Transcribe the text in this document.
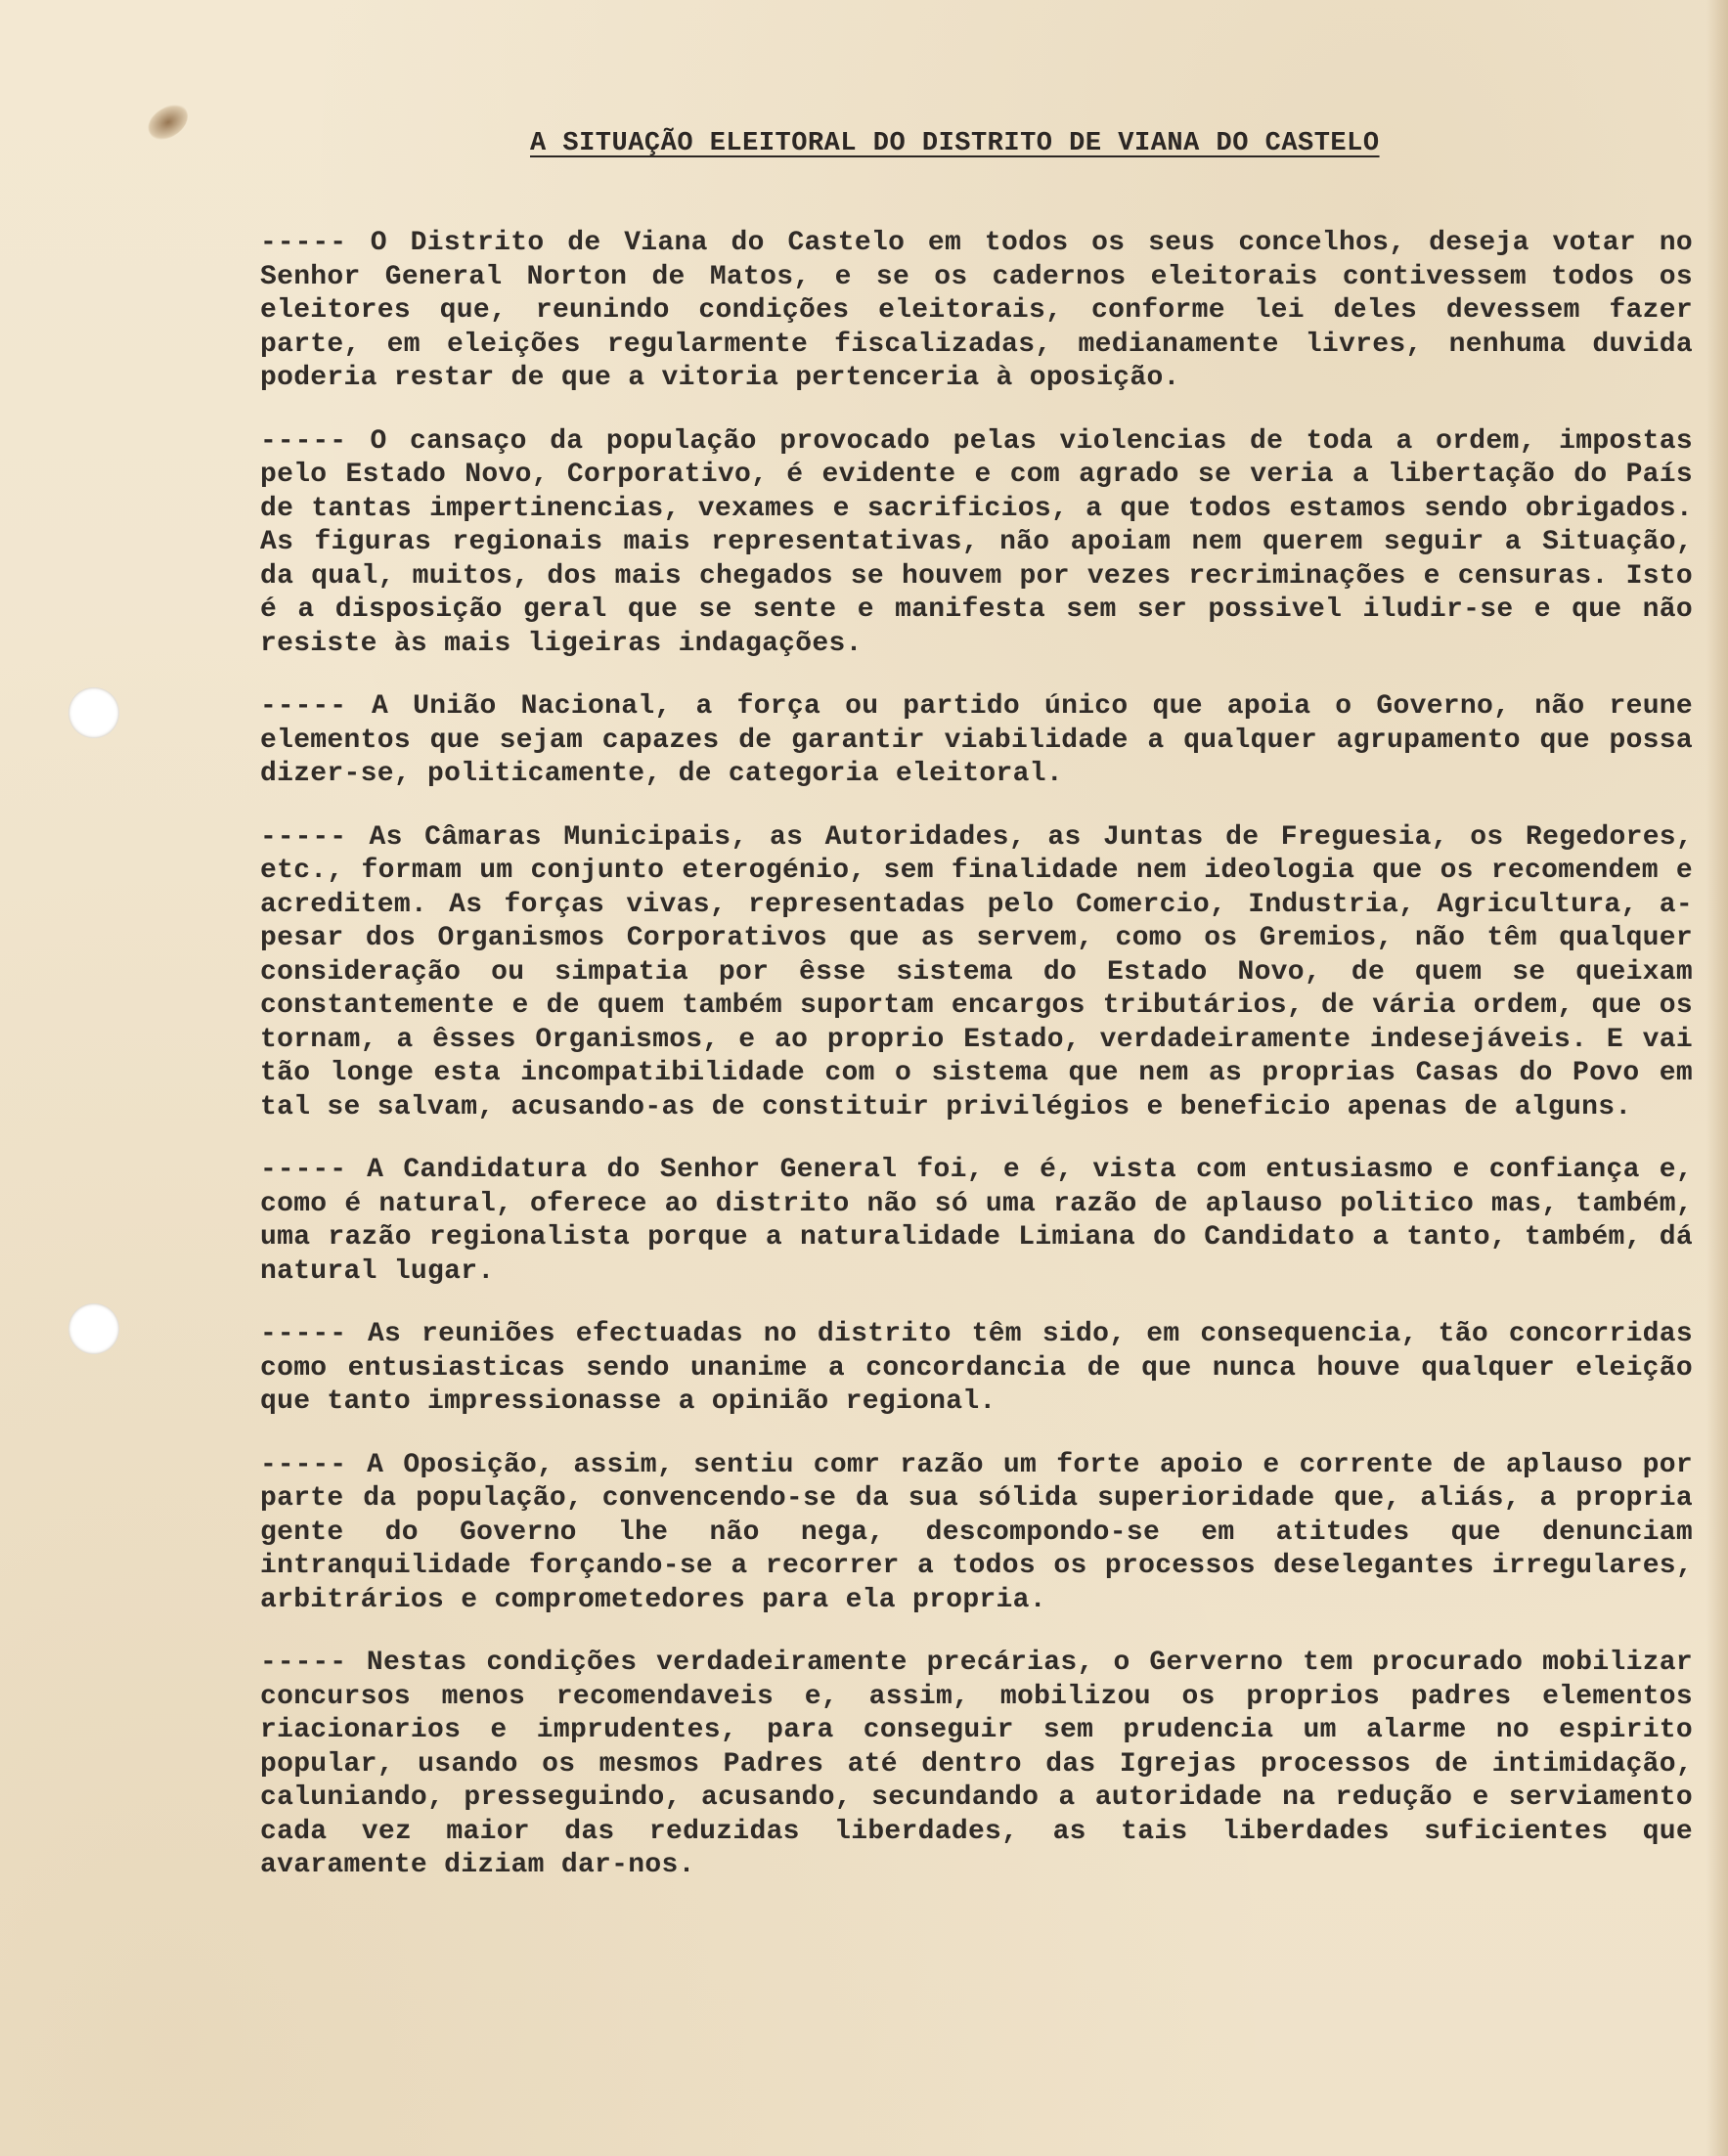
A SITUAÇÃO ELEITORAL DO DISTRITO DE VIANA DO CASTELO

----- O Distrito de Viana do Castelo em todos os seus concelhos, deseja votar no Senhor General Norton de Matos, e se os cadernos eleitorais contivessem todos os eleitores que, reunindo condições eleitorais, conforme lei deles devessem fazer parte, em eleições regularmente fiscalizadas, medianamente livres, nenhuma duvida poderia restar de que a vitoria pertenceria à oposição.

----- O cansaço da população provocado pelas violencias de toda a ordem, impostas pelo Estado Novo, Corporativo, é evidente e com agrado se veria a libertação do País de tantas impertinencias, vexames e sacrificios, a que todos estamos sendo obrigados. As figuras regionais mais representativas, não apoiam nem querem seguir a Situação, da qual, muitos, dos mais chegados se houvem por vezes recriminações e censuras. Isto é a disposição geral que se sente e manifesta sem ser possivel iludir-se e que não resiste às mais ligeiras indagações.

----- A União Nacional, a força ou partido único que apoia o Governo, não reune elementos que sejam capazes de garantir viabilidade a qualquer agrupamento que possa dizer-se, politicamente, de categoria eleitoral.

----- As Câmaras Municipais, as Autoridades, as Juntas de Freguesia, os Regedores, etc., formam um conjunto eterogénio, sem finalidade nem ideologia que os recomendem e acreditem. As forças vivas, representadas pelo Comercio, Industria, Agricultura, a-pesar dos Organismos Corporativos que as servem, como os Gremios, não têm qualquer consideração ou simpatia por êsse sistema do Estado Novo, de quem se queixam constantemente e de quem também suportam encargos tributários, de vária ordem, que os tornam, a êsses Organismos, e ao proprio Estado, verdadeiramente indesejáveis. E vai tão longe esta incompatibilidade com o sistema que nem as proprias Casas do Povo em tal se salvam, acusando-as de constituir privilégios e beneficio apenas de alguns.

----- A Candidatura do Senhor General foi, e é, vista com entusiasmo e confiança e, como é natural, oferece ao distrito não só uma razão de aplauso politico mas, também, uma razão regionalista porque a naturalidade Limiana do Candidato a tanto, também, dá natural lugar.

----- As reuniões efectuadas no distrito têm sido, em consequencia, tão concorridas como entusiasticas sendo unanime a concordancia de que nunca houve qualquer eleição que tanto impressionasse a opinião regional.

----- A Oposição, assim, sentiu comr razão um forte apoio e corrente de aplauso por parte da população, convencendo-se da sua sólida superioridade que, aliás, a propria gente do Governo lhe não nega, descompondo-se em atitudes que denunciam intranquilidade forçando-se a recorrer a todos os processos deselegantes irregulares, arbitrários e comprometedores para ela propria.

----- Nestas condições verdadeiramente precárias, o Gerverno tem procurado mobilizar concursos menos recomendaveis e, assim, mobilizou os proprios padres elementos riacionarios e imprudentes, para conseguir sem prudencia um alarme no espirito popular, usando os mesmos Padres até dentro das Igrejas processos de intimidação, caluniando, presseguindo, acusando, secundando a autoridade na redução e serviamento cada vez maior das reduzidas liberdades, as tais liberdades suficientes que avaramente diziam dar-nos.
